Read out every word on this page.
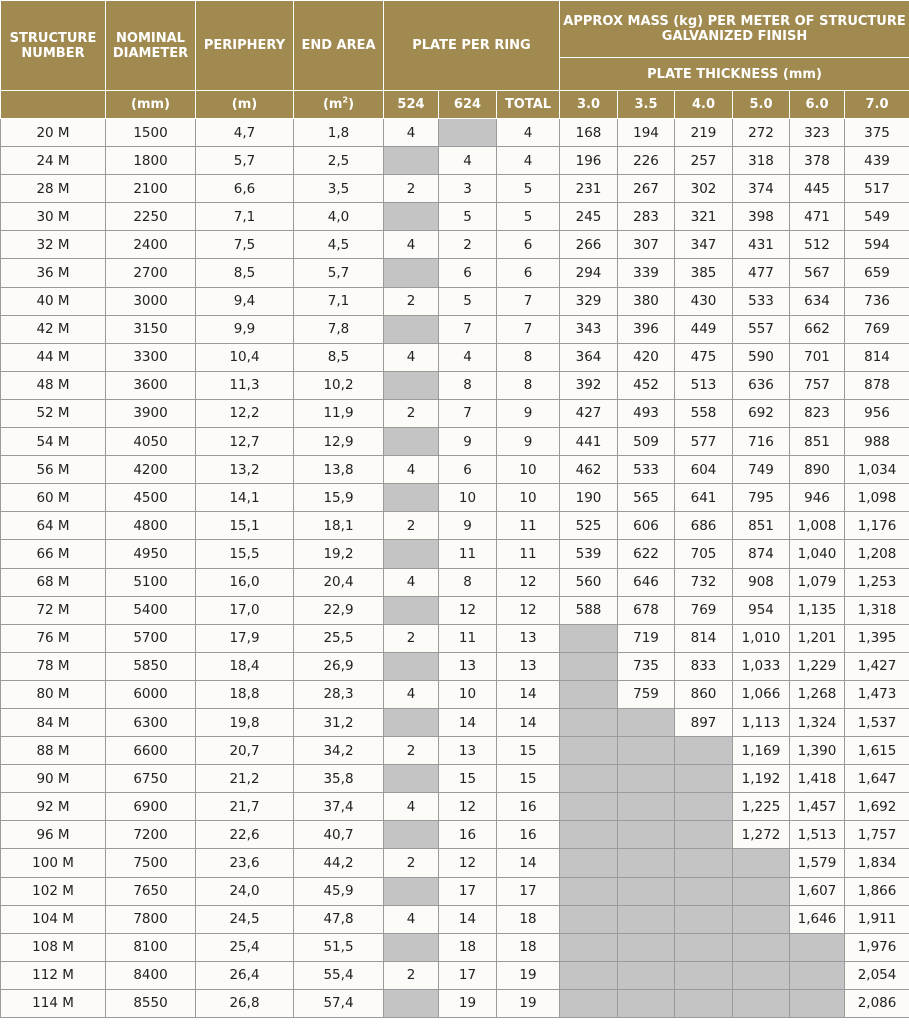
STRUCTURE NUMBER	NOMINAL DIAMETER	PERIPHERY	END AREA	PLATE PER RING			APPROX MASS (kg) PER METER OF STRUCTURE GALVANIZED FINISH					
							PLATE THICKNESS (mm)					
	(mm)	(m)	$(m^2)$	524	624	TOTAL	3.0	3.5	4.0	5.0	6.0	7.0
20 M	1500	4,7	1,8	4		4	168	194	219	272	323	375
24 M	1800	5,7	2,5		4	4	196	226	257	318	378	439
28 M	2100	6,6	3,5	2	3	5	231	267	302	374	445	517
30 M	2250	7,1	4,0		5	5	245	283	321	398	471	549
32 M	2400	7,5	4,5	4	2	6	266	307	347	431	512	594
36 M	2700	8,5	5,7		6	6	294	339	385	477	567	659
40 M	3000	9,4	7,1	2	5	7	329	380	430	533	634	736
42 M	3150	9,9	7,8		7	7	343	396	449	557	662	769
44 M	3300	10,4	8,5	4	4	8	364	420	475	590	701	814
48 M	3600	11,3	10,2		8	8	392	452	513	636	757	878
52 M	3900	12,2	11,9	2	7	9	427	493	558	692	823	956
54 M	4050	12,7	12,9		9	9	441	509	577	716	851	988
56 M	4200	13,2	13,8	4	6	10	462	533	604	749	890	1,034
60 M	4500	14,1	15,9		10	10	190	565	641	795	946	1,098
64 M	4800	15,1	18,1	2	9	11	525	606	686	851	1,008	1,176
66 M	4950	15,5	19,2		11	11	539	622	705	874	1,040	1,208
68 M	5100	16,0	20,4	4	8	12	560	646	732	908	1,079	1,253
72 M	5400	17,0	22,9		12	12	588	678	769	954	1,135	1,318
76 M	5700	17,9	25,5	2	11	13		719	814	1,010	1,201	1,395
78 M	5850	18,4	26,9		13	13		735	833	1,033	1,229	1,427
80 M	6000	18,8	28,3	4	10	14		759	860	1,066	1,268	1,473
84 M	6300	19,8	31,2		14	14			897	1,113	1,324	1,537
88 M	6600	20,7	34,2	2	13	15				1,169	1,390	1,615
90 M	6750	21,2	35,8		15	15				1,192	1,418	1,647
92 M	6900	21,7	37,4	4	12	16				1,225	1,457	1,692
96 M	7200	22,6	40,7		16	16				1,272	1,513	1,757
100 M	7500	23,6	44,2	2	12	14					1,579	1,834
102 M	7650	24,0	45,9		17	17					1,607	1,866
104 M	7800	24,5	47,8	4	14	18					1,646	1,911
108 M	8100	25,4	51,5		18	18						1,976
112 M	8400	26,4	55,4	2	17	19						2,054
114 M	8550	26,8	57,4		19	19						2,086
